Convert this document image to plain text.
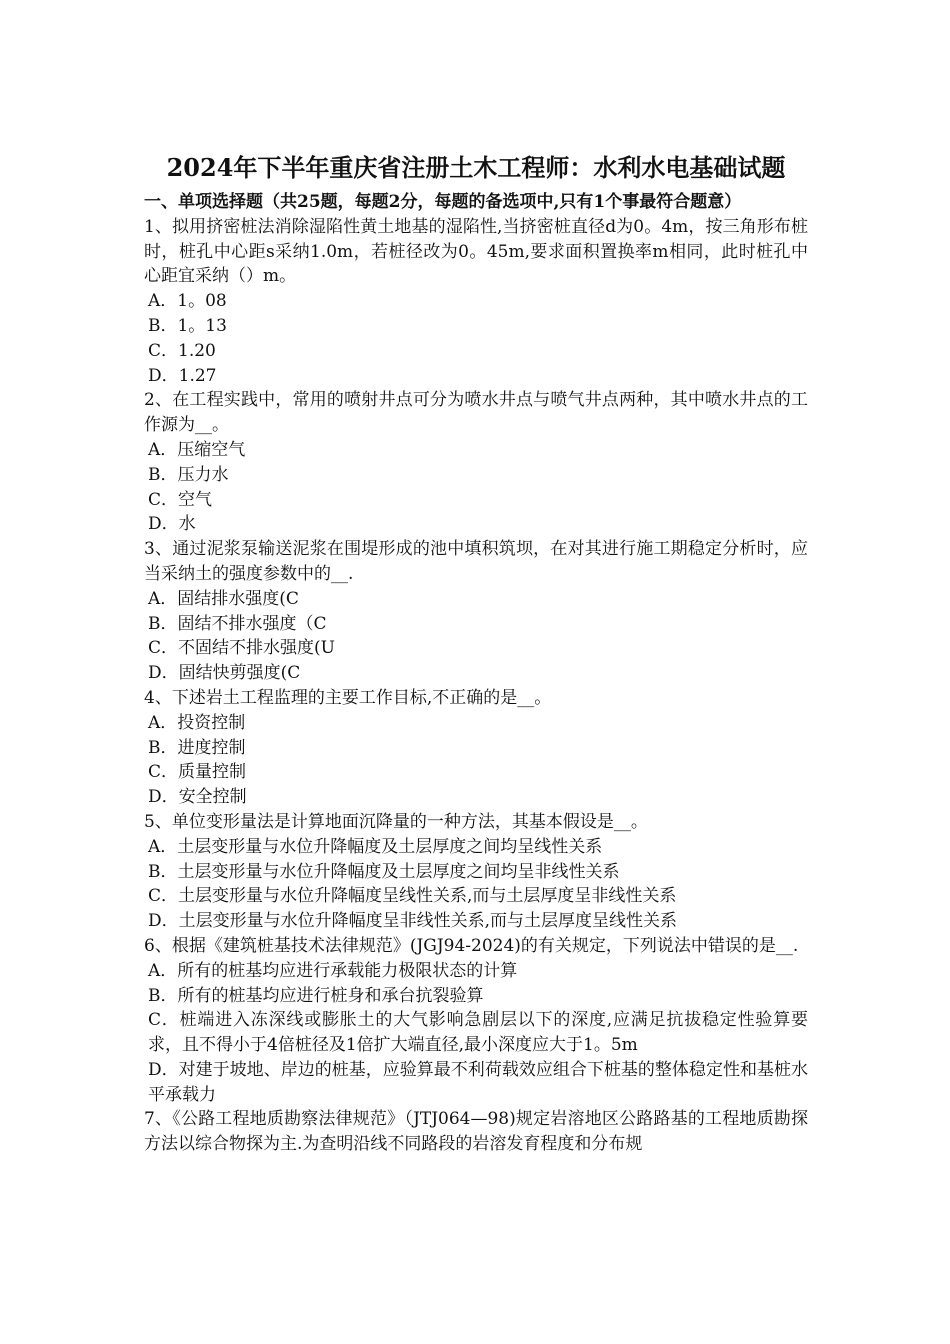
2024年下半年重庆省注册土木工程师：水利水电基础试题
一、单项选择题（共25题，每题2分，每题的备选项中,只有1个事最符合题意）
1、拟用挤密桩法消除湿陷性黄土地基的湿陷性,当挤密桩直径d为0。4m，按三角形布桩时，桩孔中心距s采纳1.0m，若桩径改为0。45m,要求面积置换率m相同，此时桩孔中心距宜采纳（）m。
A．1。08
B．1。13
C．1.20
D．1.27
2、在工程实践中，常用的喷射井点可分为喷水井点与喷气井点两种，其中喷水井点的工作源为__。
A．压缩空气
B．压力水
C．空气
D．水
3、通过泥浆泵输送泥浆在围堤形成的池中填积筑坝，在对其进行施工期稳定分析时，应当采纳土的强度参数中的__.
A．固结排水强度(C
B．固结不排水强度（C
C．不固结不排水强度(U
D．固结快剪强度(C
4、下述岩土工程监理的主要工作目标,不正确的是__。
A．投资控制
B．进度控制
C．质量控制
D．安全控制
5、单位变形量法是计算地面沉降量的一种方法，其基本假设是__。
A．土层变形量与水位升降幅度及土层厚度之间均呈线性关系
B．土层变形量与水位升降幅度及土层厚度之间均呈非线性关系
C．土层变形量与水位升降幅度呈线性关系,而与土层厚度呈非线性关系
D．土层变形量与水位升降幅度呈非线性关系,而与土层厚度呈线性关系
6、根据《建筑桩基技术法律规范》(JGJ94-2024)的有关规定，下列说法中错误的是__.
A．所有的桩基均应进行承载能力极限状态的计算
B．所有的桩基均应进行桩身和承台抗裂验算
C．桩端进入冻深线或膨胀土的大气影响急剧层以下的深度,应满足抗拔稳定性验算要求，且不得小于4倍桩径及1倍扩大端直径,最小深度应大于1。5m
D．对建于坡地、岸边的桩基，应验算最不利荷载效应组合下桩基的整体稳定性和基桩水平承载力
7、《公路工程地质勘察法律规范》（JTJ064—98)规定岩溶地区公路路基的工程地质勘探方法以综合物探为主.为查明沿线不同路段的岩溶发育程度和分布规
